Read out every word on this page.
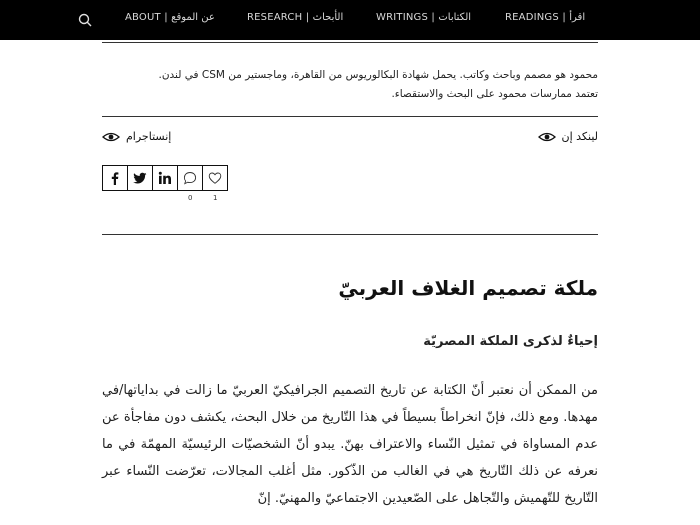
ABOUT | عن الموقع	RESEARCH | الأبحاث	WRITINGS | الكتابات	READINGS | اقرأ
محمود هو مصمم وباحث وكاتب. يحمل شهادة البكالوريوس من القاهرة، وماجستير من CSM في لندن.
تعتمد ممارسات محمود على البحث والاستقصاء.
لينكد إن
إنستاجرام
0	1
ملكة تصميم الغلاف العربيّ
إحياءٌ لذكرى الملكة المصريّة

من الممكن أن نعتبر أنّ الكتابة عن تاريخ التصميم الجرافيكيّ العربيّ ما زالت في بداياتها/في مهدها. ومع ذلك، فإنّ انخراطاً بسيطاً في هذا التّاريخ من خلال البحث، يكشف دون مفاجأة عن عدم المساواة في تمثيل النّساء والاعتراف بهنّ. يبدو أنّ الشخصيّات الرئيسيّة المهمّة في ما نعرفه عن ذلك التّاريخ هي في الغالب من الذّكور. مثل أغلب المجالات، تعرّضت النّساء عبر التّاريخ للتّهميش والتّجاهل على الصّعيدين الاجتماعيّ والمهنيّ. إنّ
